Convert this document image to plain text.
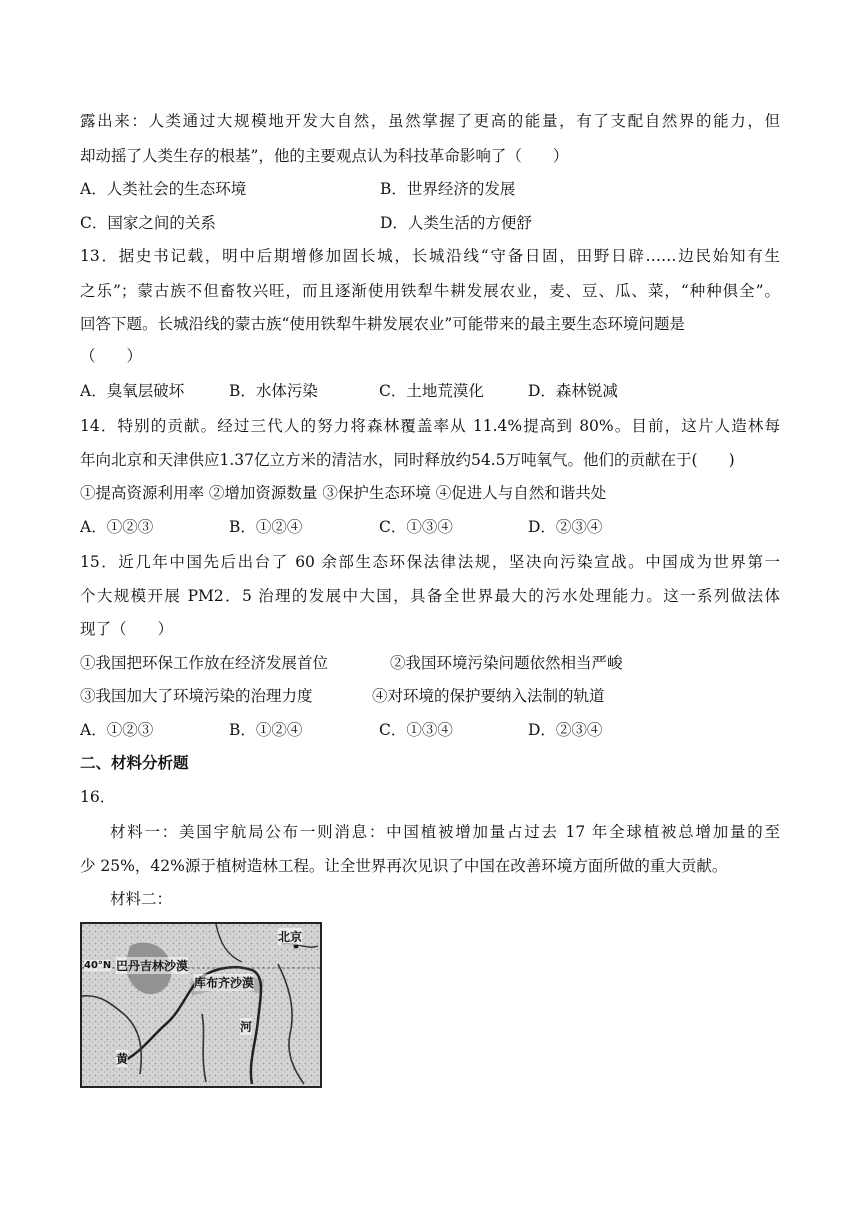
露出来：人类通过大规模地开发大自然，虽然掌握了更高的能量，有了支配自然界的能力，但
却动摇了人类生存的根基”，他的主要观点认为科技革命影响了（　　）
A．人类社会的生态环境	B．世界经济的发展
C．国家之间的关系	D．人类生活的方便舒
13．据史书记载，明中后期增修加固长城，长城沿线“守备日固，田野日辟……边民始知有生
之乐”；蒙古族不但畜牧兴旺，而且逐渐使用铁犁牛耕发展农业，麦、豆、瓜、菜，“种种俱全”。
回答下题。长城沿线的蒙古族“使用铁犁牛耕发展农业”可能带来的最主要生态环境问题是
（　　）
A．臭氧层破坏	B．水体污染	C．土地荒漠化	D．森林锐减
14．特别的贡献。经过三代人的努力将森林覆盖率从 11.4%提高到 80%。目前，这片人造林每
年向北京和天津供应1.37亿立方米的清洁水，同时释放约54.5万吨氧气。他们的贡献在于(　　)
①提高资源利用率 ②增加资源数量 ③保护生态环境 ④促进人与自然和谐共处
A．①②③	B．①②④	C．①③④	D．②③④
15．近几年中国先后出台了 60 余部生态环保法律法规，坚决向污染宣战。中国成为世界第一
个大规模开展 PM2．5 治理的发展中大国，具备全世界最大的污水处理能力。这一系列做法体
现了（　　）
①我国把环保工作放在经济发展首位	②我国环境污染问题依然相当严峻
③我国加大了环境污染的治理力度	④对环境的保护要纳入法制的轨道
A．①②③	B．①②④	C．①③④	D．②③④
二、材料分析题
16．
材料一：美国宇航局公布一则消息：中国植被增加量占过去 17 年全球植被总增加量的至
少 25%，42%源于植树造林工程。让全世界再次见识了中国在改善环境方面所做的重大贡献。
材料二：
40°N 巴丹吉林沙漠
库布齐沙漠
北京
河
黄
